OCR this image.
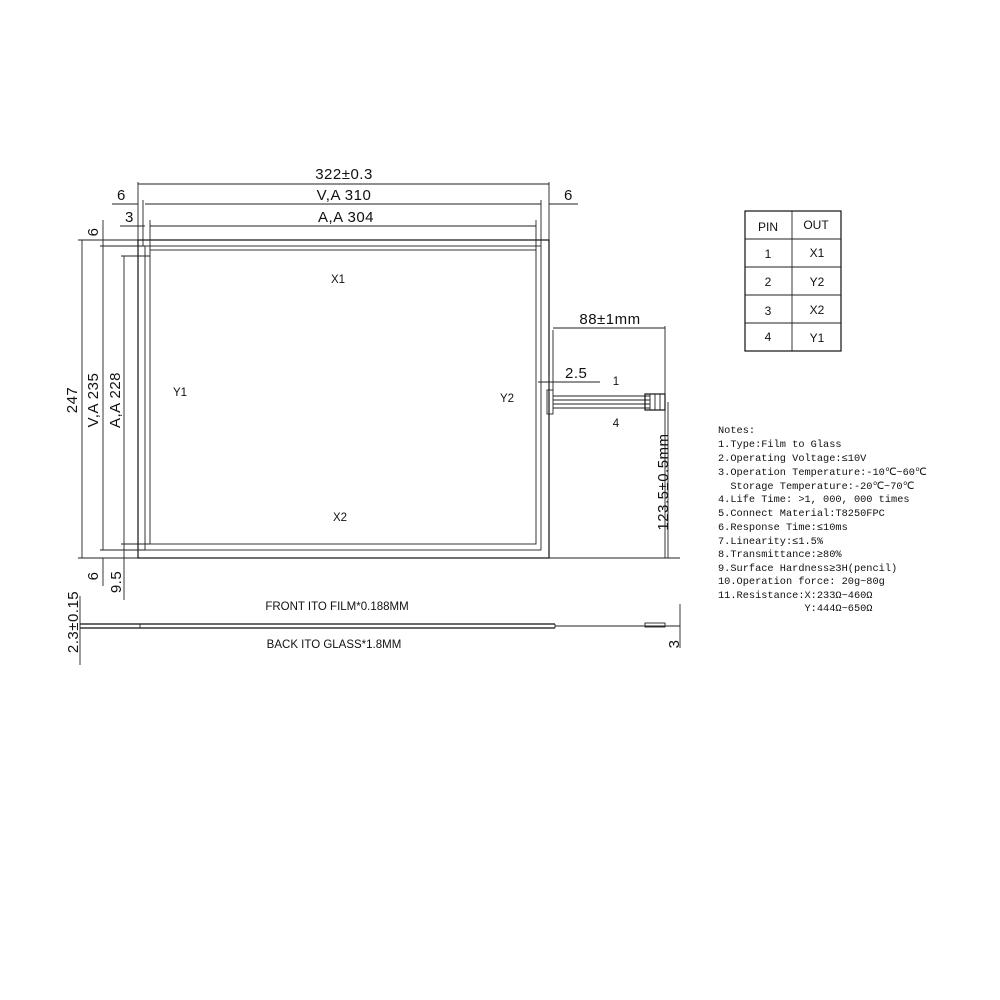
322±0.3
V,A 310
6	6
A,A 304
3
247 V,A 235 A,A 228
6
6 9.5
X1
X2
Y1	Y2
1
4
88±1mm
2.5
123.5±0.5mm
FRONT ITO FILM*0.188MM
BACK ITO GLASS*1.8MM
2.3±0.15	3
PIN OUT
1	X1
2	Y2
3	X2
4	Y1
Notes:
1.Type:Film to Glass
2.Operating Voltage:≤10V
3.Operation Temperature:-10℃~60℃
Storage Temperature:-20℃~70℃
4.Life Time: >1, 000, 000 times
5.Connect Material:T8250FPC
6.Response Time:≤10ms
7.Linearity:≤1.5%
8.Transmittance:≥80%
9.Surface Hardness≥3H(pencil)
10.Operation force: 20g~80g
11.Resistance:X:233Ω~460Ω
Y:444Ω~650Ω
